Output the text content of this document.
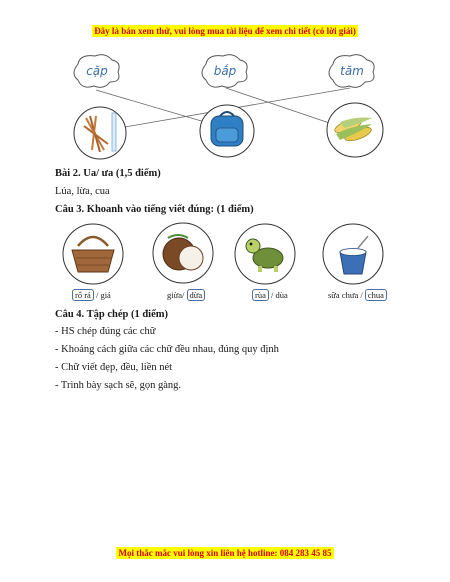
Đây là bản xem thử, vui lòng mua tài liệu để xem chi tiết (có lời giải)
cặp	bắp	tăm
Bài 2. Ua/ ưa (1,5 điểm)
Lúa, lừa, cua
Câu 3. Khoanh vào tiếng viết đúng: (1 điểm)
rổ rá / giá	giừa/ dừa	rùa / dùa	sữa chưa / chua
Câu 4. Tập chép (1 điểm)
- HS chép đúng các chữ
- Khoảng cách giữa các chữ đều nhau, đúng quy định
- Chữ viết đẹp, đều, liền nét
- Trình bày sạch sẽ, gọn gàng.
Mọi thắc mắc vui lòng xin liên hệ hotline: 084 283 45 85
